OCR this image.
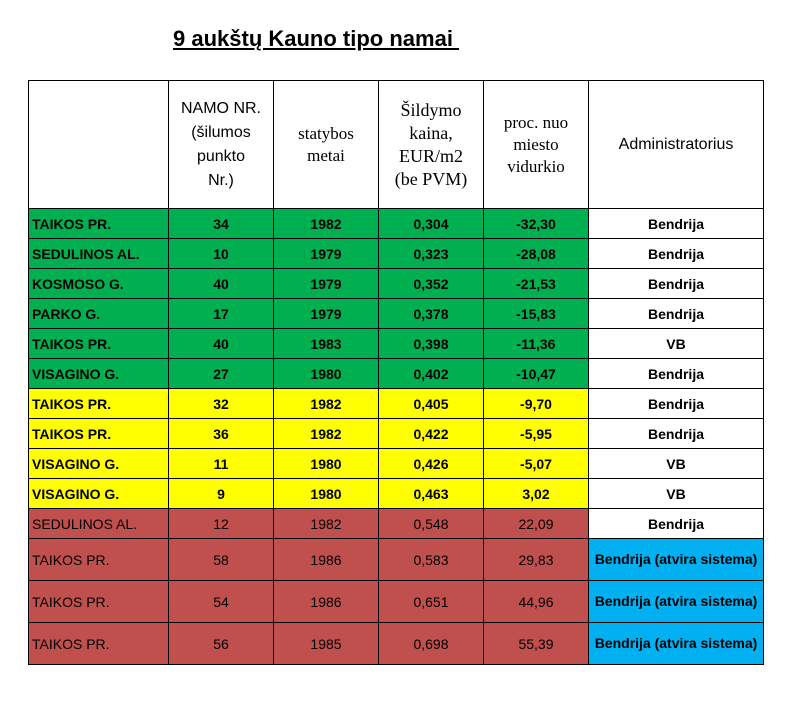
9 aukštų Kauno tipo namai

	NAMO NR.
(šilumos
punkto
Nr.)	statybos
metai	Šildymo
kaina,
EUR/m2
(be PVM)	proc. nuo
miesto
vidurkio	Administratorius
TAIKOS PR.	34	1982	0,304	-32,30	Bendrija
SEDULINOS AL.	10	1979	0,323	-28,08	Bendrija
KOSMOSO G.	40	1979	0,352	-21,53	Bendrija
PARKO G.	17	1979	0,378	-15,83	Bendrija
TAIKOS PR.	40	1983	0,398	-11,36	VB
VISAGINO G.	27	1980	0,402	-10,47	Bendrija
TAIKOS PR.	32	1982	0,405	-9,70	Bendrija
TAIKOS PR.	36	1982	0,422	-5,95	Bendrija
VISAGINO G.	11	1980	0,426	-5,07	VB
VISAGINO G.	9	1980	0,463	3,02	VB
SEDULINOS AL.	12	1982	0,548	22,09	Bendrija
TAIKOS PR.	58	1986	0,583	29,83	Bendrija (atvira sistema)
TAIKOS PR.	54	1986	0,651	44,96	Bendrija (atvira sistema)
TAIKOS PR.	56	1985	0,698	55,39	Bendrija (atvira sistema)
